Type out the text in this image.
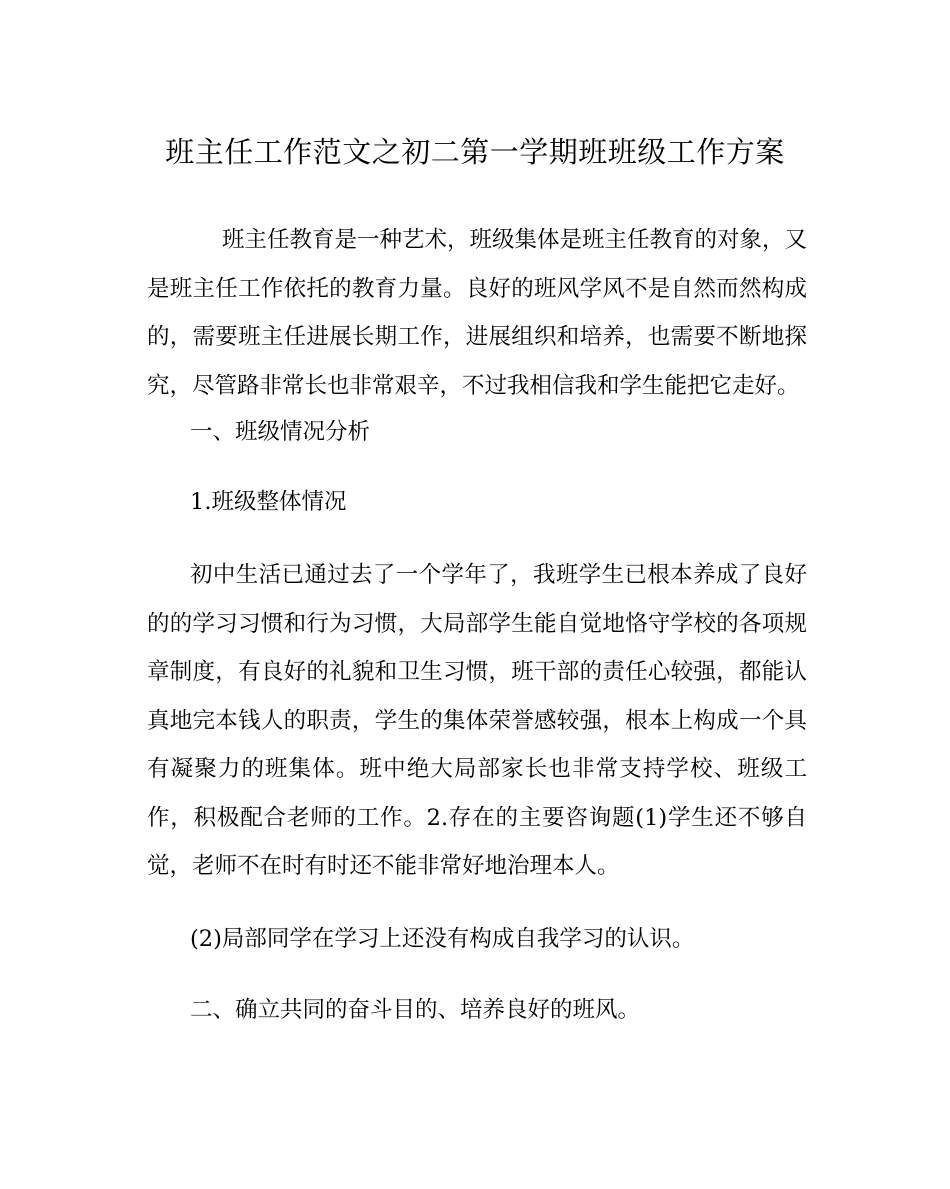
班主任工作范文之初二第一学期班班级工作方案

班主任教育是一种艺术，班级集体是班主任教育的对象，又是班主任工作依托的教育力量。良好的班风学风不是自然而然构成的，需要班主任进展长期工作，进展组织和培养，也需要不断地探究，尽管路非常长也非常艰辛，不过我相信我和学生能把它走好。

一、班级情况分析

1.班级整体情况

初中生活已通过去了一个学年了，我班学生已根本养成了良好的的学习习惯和行为习惯，大局部学生能自觉地恪守学校的各项规章制度，有良好的礼貌和卫生习惯，班干部的责任心较强，都能认真地完本钱人的职责，学生的集体荣誉感较强，根本上构成一个具有凝聚力的班集体。班中绝大局部家长也非常支持学校、班级工作，积极配合老师的工作。2.存在的主要咨询题(1)学生还不够自觉，老师不在时有时还不能非常好地治理本人。

(2)局部同学在学习上还没有构成自我学习的认识。

二、确立共同的奋斗目的、培养良好的班风。
